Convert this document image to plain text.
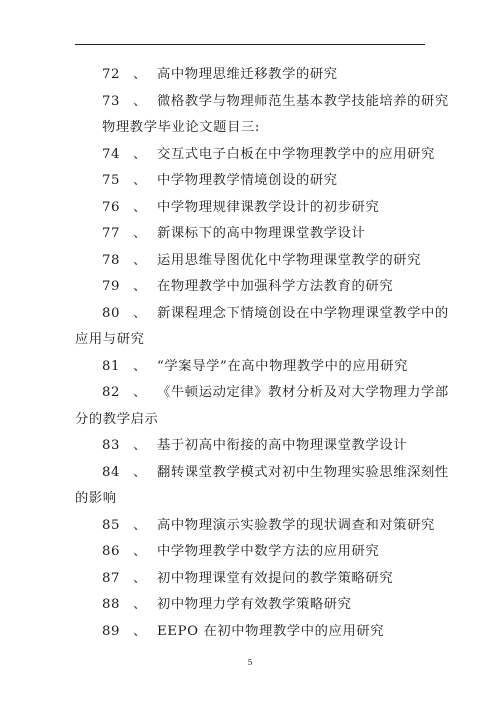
72 、 高中物理思维迁移教学的研究
73 、 微格教学与物理师范生基本教学技能培养的研究
物理教学毕业论文题目三:
74 、 交互式电子白板在中学物理教学中的应用研究
75 、 中学物理教学情境创设的研究
76 、 中学物理规律课教学设计的初步研究
77 、 新课标下的高中物理课堂教学设计
78 、 运用思维导图优化中学物理课堂教学的研究
79 、 在物理教学中加强科学方法教育的研究
80 、 新课程理念下情境创设在中学物理课堂教学中的
应用与研究
81 、 “学案导学”在高中物理教学中的应用研究
82 、 《牛顿运动定律》教材分析及对大学物理力学部
分的教学启示
83 、 基于初高中衔接的高中物理课堂教学设计
84 、 翻转课堂教学模式对初中生物理实验思维深刻性
的影响
85 、 高中物理演示实验教学的现状调查和对策研究
86 、 中学物理教学中数学方法的应用研究
87 、 初中物理课堂有效提问的教学策略研究
88 、 初中物理力学有效教学策略研究
89 、 EEPO 在初中物理教学中的应用研究
5
